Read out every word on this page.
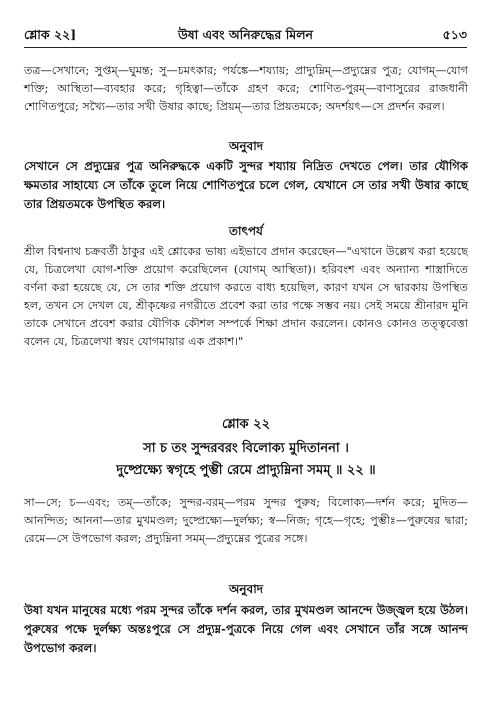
শ্লোক ২২]	উষা এবং অনিরুদ্ধের মিলন	৫১৩

তত্র—সেখানে; সুপ্তম্—ঘুমন্ত; সু—চমৎকার; পর্যঙ্কে—শয্যায়; প্রাদ্যুম্নিম্—প্রদ্যুম্নের পুত্র; যোগম্—যোগ শক্তি; আস্থিতা—ব্যবহার করে; গৃহিত্বা—তাঁকে গ্রহণ করে; শোণিত-পুরম্—বাণাসুরের রাজধানী শোণিতপুরে; সখ্যৈ—তার সখী উষার কাছে; প্রিয়ম্—তার প্রিয়তমকে; অদর্শয়ৎ—সে প্রদর্শন করল।

অনুবাদ

সেখানে সে প্রদ্যুম্নের পুত্র অনিরুদ্ধকে একটি সুন্দর শয্যায় নিদ্রিত দেখতে পেল। তার যৌগিক ক্ষমতার সাহায্যে সে তাঁকে তুলে নিয়ে শোণিতপুরে চলে গেল, যেখানে সে তার সখী উষার কাছে তার প্রিয়তমকে উপস্থিত করল।

তাৎপর্য

শ্রীল বিশ্বনাথ চক্রবর্তী ঠাকুর এই শ্লোকের ভাষ্য এইভাবে প্রদান করেছেন—"এখানে উল্লেখ করা হয়েছে যে, চিত্রলেখা যোগ-শক্তি প্রয়োগ করেছিলেন (যোগম্ আস্থিতা)। হরিবংশ এবং অন্যান্য শাস্ত্রাদিতে বর্ণনা করা হয়েছে যে, সে তার শক্তি প্রয়োগ করতে বাধ্য হয়েছিল, কারণ যখন সে দ্বারকায় উপস্থিত হল, তখন সে দেখল যে, শ্রীকৃষ্ণের নগরীতে প্রবেশ করা তার পক্ষে সম্ভব নয়। সেই সময়ে শ্রীনারদ মুনি তাকে সেখানে প্রবেশ করার যৌগিক কৌশল সম্পর্কে শিক্ষা প্রদান করলেন। কোনও কোনও তত্ত্ববেত্তা বলেন যে, চিত্রলেখা স্বয়ং যোগমায়ার এক প্রকাশ।"

শ্লোক ২২

সা চ তং সুন্দরবরং বিলোক্য মুদিতাননা ।

দুষ্প্রেক্ষ্যে স্বগৃহে পুম্ভী রেমে প্রাদ্যুম্নিনা সমম্ ॥ ২২ ॥

সা—সে; চ—এবং; তম্—তাঁকে; সুন্দর-বরম্—পরম সুন্দর পুরুষ; বিলোক্য—দর্শন করে; মুদিত—আনন্দিত; আননা—তার মুখমণ্ডল; দুষ্প্রেক্ষ্যে—দুর্লক্ষ্য; স্ব—নিজ; গৃহে—গৃহে; পুম্ভীঃ—পুরুষের দ্বারা; রেমে—সে উপভোগ করল; প্রদ্যুম্নিনা সমম্—প্রদ্যুম্নের পুত্রের সঙ্গে।

অনুবাদ

উষা যখন মানুষের মধ্যে পরম সুন্দর তাঁকে দর্শন করল, তার মুখমণ্ডল আনন্দে উজ্জ্বল হয়ে উঠল। পুরুষের পক্ষে দুর্লক্ষ্য অন্তঃপুরে সে প্রদ্যুম্ন-পুত্রকে নিয়ে গেল এবং সেখানে তাঁর সঙ্গে আনন্দ উপভোগ করল।
